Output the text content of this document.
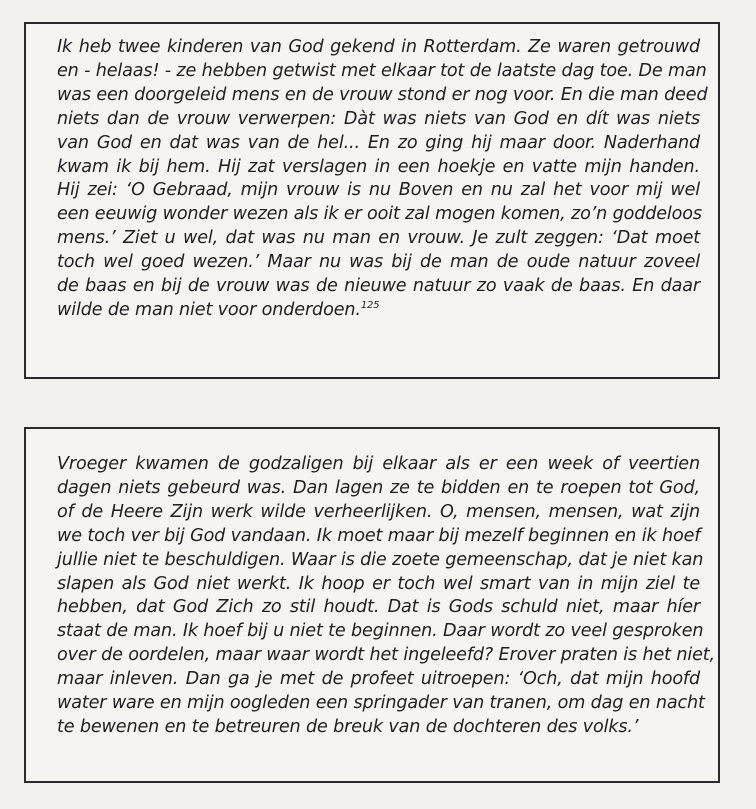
Ik heb twee kinderen van God gekend in Rotterdam. Ze waren getrouwd
en - helaas! - ze hebben getwist met elkaar tot de laatste dag toe. De man
was een doorgeleid mens en de vrouw stond er nog voor. En die man deed
niets dan de vrouw verwerpen: Dàt was niets van God en dít was niets
van God en dat was van de hel... En zo ging hij maar door. Naderhand
kwam ik bij hem. Hij zat verslagen in een hoekje en vatte mijn handen.
Hij zei: ‘O Gebraad, mijn vrouw is nu Boven en nu zal het voor mij wel
een eeuwig wonder wezen als ik er ooit zal mogen komen, zo’n goddeloos
mens.’ Ziet u wel, dat was nu man en vrouw. Je zult zeggen: ‘Dat moet
toch wel goed wezen.’ Maar nu was bij de man de oude natuur zoveel
de baas en bij de vrouw was de nieuwe natuur zo vaak de baas. En daar
wilde de man niet voor onderdoen.$^{125}$
Vroeger kwamen de godzaligen bij elkaar als er een week of veertien
dagen niets gebeurd was. Dan lagen ze te bidden en te roepen tot God,
of de Heere Zijn werk wilde verheerlijken. O, mensen, mensen, wat zijn
we toch ver bij God vandaan. Ik moet maar bij mezelf beginnen en ik hoef
jullie niet te beschuldigen. Waar is die zoete gemeenschap, dat je niet kan
slapen als God niet werkt. Ik hoop er toch wel smart van in mijn ziel te
hebben, dat God Zich zo stil houdt. Dat is Gods schuld niet, maar híer
staat de man. Ik hoef bij u niet te beginnen. Daar wordt zo veel gesproken
over de oordelen, maar waar wordt het ingeleefd? Erover praten is het niet,
maar inleven. Dan ga je met de profeet uitroepen: ‘Och, dat mijn hoofd
water ware en mijn oogleden een springader van tranen, om dag en nacht
te bewenen en te betreuren de breuk van de dochteren des volks.’
